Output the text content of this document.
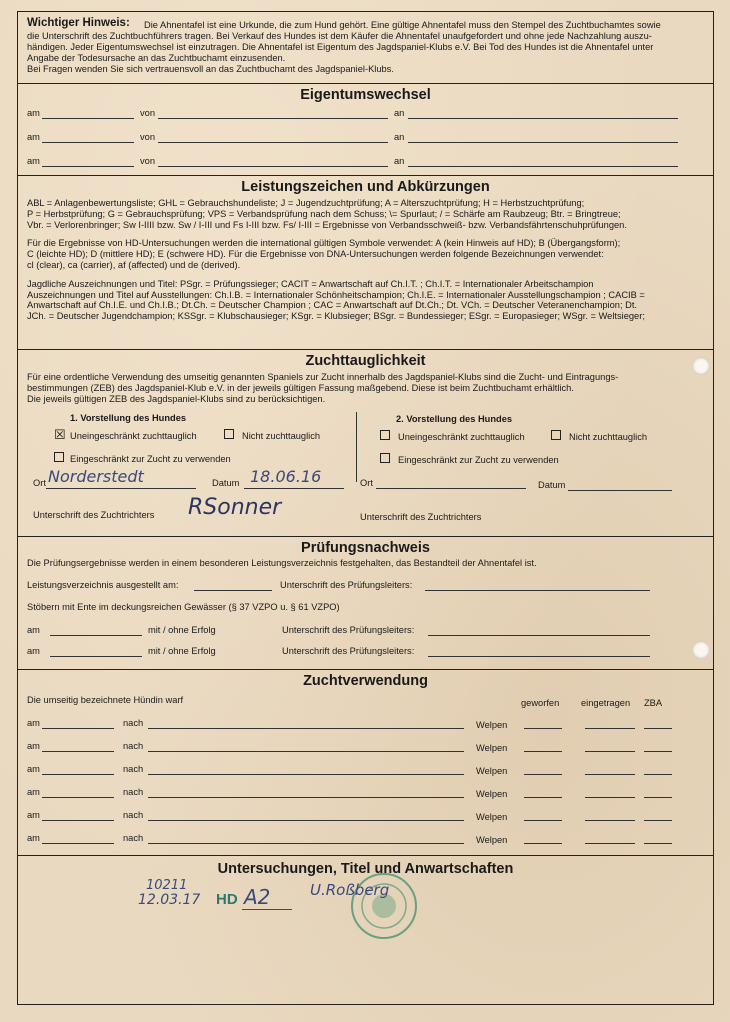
Wichtiger Hinweis: Die Ahnentafel ist eine Urkunde, die zum Hund gehört. Eine gültige Ahnentafel muss den Stempel des Zuchtbuchamtes sowie
die Unterschrift des Zuchtbuchführers tragen. Bei Verkauf des Hundes ist dem Käufer die Ahnentafel unaufgefordert und ohne jede Nachzahlung auszu-
händigen. Jeder Eigentumswechsel ist einzutragen. Die Ahnentafel ist Eigentum des Jagdspaniel-Klubs e.V. Bei Tod des Hundes ist die Ahnentafel unter
Angabe der Todesursache an das Zuchtbuchamt einzusenden.
Bei Fragen wenden Sie sich vertrauensvoll an das Zuchtbuchamt des Jagdspaniel-Klubs.
Eigentumswechsel
am	von	an
am	von	an
am	von	an
Leistungszeichen und Abkürzungen
ABL = Anlagenbewertungsliste; GHL = Gebrauchshundeliste; J = Jugendzuchtprüfung; A = Alterszuchtprüfung; H = Herbstzuchtprüfung;
P = Herbstprüfung; G = Gebrauchsprüfung; VPS = Verbandsprüfung nach dem Schuss; \= Spurlaut; / = Schärfe am Raubzeug; Btr. = Bringtreue;
Vbr. = Verlorenbringer; Sw I-IIII bzw. Sw / I-III und Fs I-III bzw. Fs/ I-III = Ergebnisse von Verbandsschweiß- bzw. Verbandsfährtenschuhprüfungen.
Für die Ergebnisse von HD-Untersuchungen werden die international gültigen Symbole verwendet: A (kein Hinweis auf HD); B (Übergangsform);
C (leichte HD); D (mittlere HD); E (schwere HD). Für die Ergebnisse von DNA-Untersuchungen werden folgende Bezeichnungen verwendet:
cl (clear), ca (carrier), af (affected) und de (derived).
Jagdliche Auszeichnungen und Titel: PSgr. = Prüfungssieger; CACIT = Anwartschaft auf Ch.I.T. ; Ch.I.T. = Internationaler Arbeitschampion
Auszeichnungen und Titel auf Ausstellungen: Ch.I.B. = Internationaler Schönheitschampion; Ch.I.E. = Internationaler Ausstellungschampion ; CACIB =
Anwartschaft auf Ch.I.E. und Ch.I.B.; Dt.Ch. = Deutscher Champion ; CAC = Anwartschaft auf Dt.Ch.; Dt. VCh. = Deutscher Veteranenchampion; Dt.
JCh. = Deutscher Jugendchampion; KSSgr. = Klubschausieger; KSgr. = Klubsieger; BSgr. = Bundessieger; ESgr. = Europasieger; WSgr. = Weltsieger;
Zuchttauglichkeit
Für eine ordentliche Verwendung des umseitig genannten Spaniels zur Zucht innerhalb des Jagdspaniel-Klubs sind die Zucht- und Eintragungs-
bestimmungen (ZEB) des Jagdspaniel-Klub e.V. in der jeweils gültigen Fassung maßgebend. Diese ist beim Zuchtbuchamt erhältlich.
Die jeweils gültigen ZEB des Jagdspaniel-Klubs sind zu berücksichtigen.
1. Vorstellung des Hundes
☒ Uneingeschränkt zuchttauglich	Nicht zuchttauglich
Eingeschränkt zur Zucht zu verwenden
2. Vorstellung des Hundes
Uneingeschränkt zuchttauglich	Nicht zuchttauglich
Eingeschränkt zur Zucht zu verwenden
Ort Norderstedt	Datum 18.06.16	Ort	Datum
Unterschrift des Zuchtrichters RSonner	Unterschrift des Zuchtrichters
Prüfungsnachweis
Die Prüfungsergebnisse werden in einem besonderen Leistungsverzeichnis festgehalten, das Bestandteil der Ahnentafel ist.
Leistungsverzeichnis ausgestellt am:	Unterschrift des Prüfungsleiters:
Stöbern mit Ente im deckungsreichen Gewässer (§ 37 VZPO u. § 61 VZPO)
am	mit / ohne Erfolg	Unterschrift des Prüfungsleiters:
am	mit / ohne Erfolg	Unterschrift des Prüfungsleiters:
Zuchtverwendung
Die umseitig bezeichnete Hündin warf	geworfen eingetragen ZBA
am	nach	Welpen
am	nach	Welpen
am	nach	Welpen
am	nach	Welpen
am	nach	Welpen
am	nach	Welpen
Untersuchungen, Titel und Anwartschaften
10211
12.03.17 HD A2	U.Roßberg
